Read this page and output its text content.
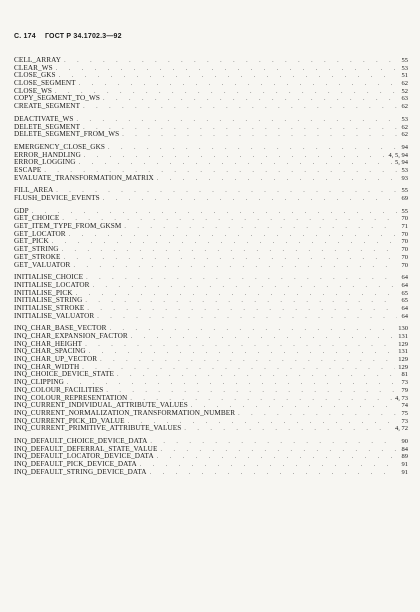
С. 174 ГОСТ Р 34.1702.3—92
CELL_ARRAY . . .	55
CLEAR_WS . . .	53
CLOSE_GKS . . .	51
CLOSE_SEGMENT . . .	62
CLOSE_WS . . .	52
COPY_SEGMENT_TO_WS . . .	63
CREATE_SEGMENT . . .	62
DEACTIVATE_WS . . .	53
DELETE_SEGMENT . . .	62
DELETE_SEGMENT_FROM_WS . . .	62
EMERGENCY_CLOSE_GKS . . .	94
ERROR_HANDLING . . .	4, 5, 94
ERROR_LOGGING . . .	5, 94
ESCAPE . . .	53
EVALUATE_TRANSFORMATION_MATRIX . . .	93
FILL_AREA . . .	55
FLUSH_DEVICE_EVENTS . . .	69
GDP . . .	55
GET_CHOICE . . .	70
GET_ITEM_TYPE_FROM_GKSM . . .	71
GET_LOCATOR . . .	70
GET_PICK . . .	70
GET_STRING . . .	70
GET_STROKE . . .	70
GET_VALUATOR . . .	70
INITIALISE_CHOICE . . .	64
INITIALISE_LOCATOR . . .	64
INITIALISE_PICK . . .	65
INITIALISE_STRING . . .	65
INITIALISE_STROKE . . .	64
INITIALISE_VALUATOR . . .	64
INQ_CHAR_BASE_VECTOR . . .	130
INQ_CHAR_EXPANSION_FACTOR . . .	131
INQ_CHAR_HEIGHT . . .	129
INQ_CHAR_SPACING . . .	131
INQ_CHAR_UP_VECTOR . . .	129
INQ_CHAR_WIDTH . . .	129
INQ_CHOICE_DEVICE_STATE . . .	81
INQ_CLIPPING . . .	73
INQ_COLOUR_FACILITIES . . .	79
INQ_COLOUR_REPRESENTATION . . .	4, 73
INQ_CURRENT_INDIVIDUAL_ATTRIBUTE_VALUES . . .	74
INQ_CURRENT_NORMALIZATION_TRANSFORMATION_NUMBER . . .	75
INQ_CURRENT_PICK_ID_VALUE . . .	73
INQ_CURRENT_PRIMITIVE_ATTRIBUTE_VALUES . . .	4, 72
INQ_DEFAULT_CHOICE_DEVICE_DATA . . .	90
INQ_DEFAULT_DEFERRAL_STATE_VALUE . . .	84
INQ_DEFAULT_LOCATOR_DEVICE_DATA . . .	89
INQ_DEFAULT_PICK_DEVICE_DATA . . .	91
INQ_DEFAULT_STRING_DEVICE_DATA . . .	91
